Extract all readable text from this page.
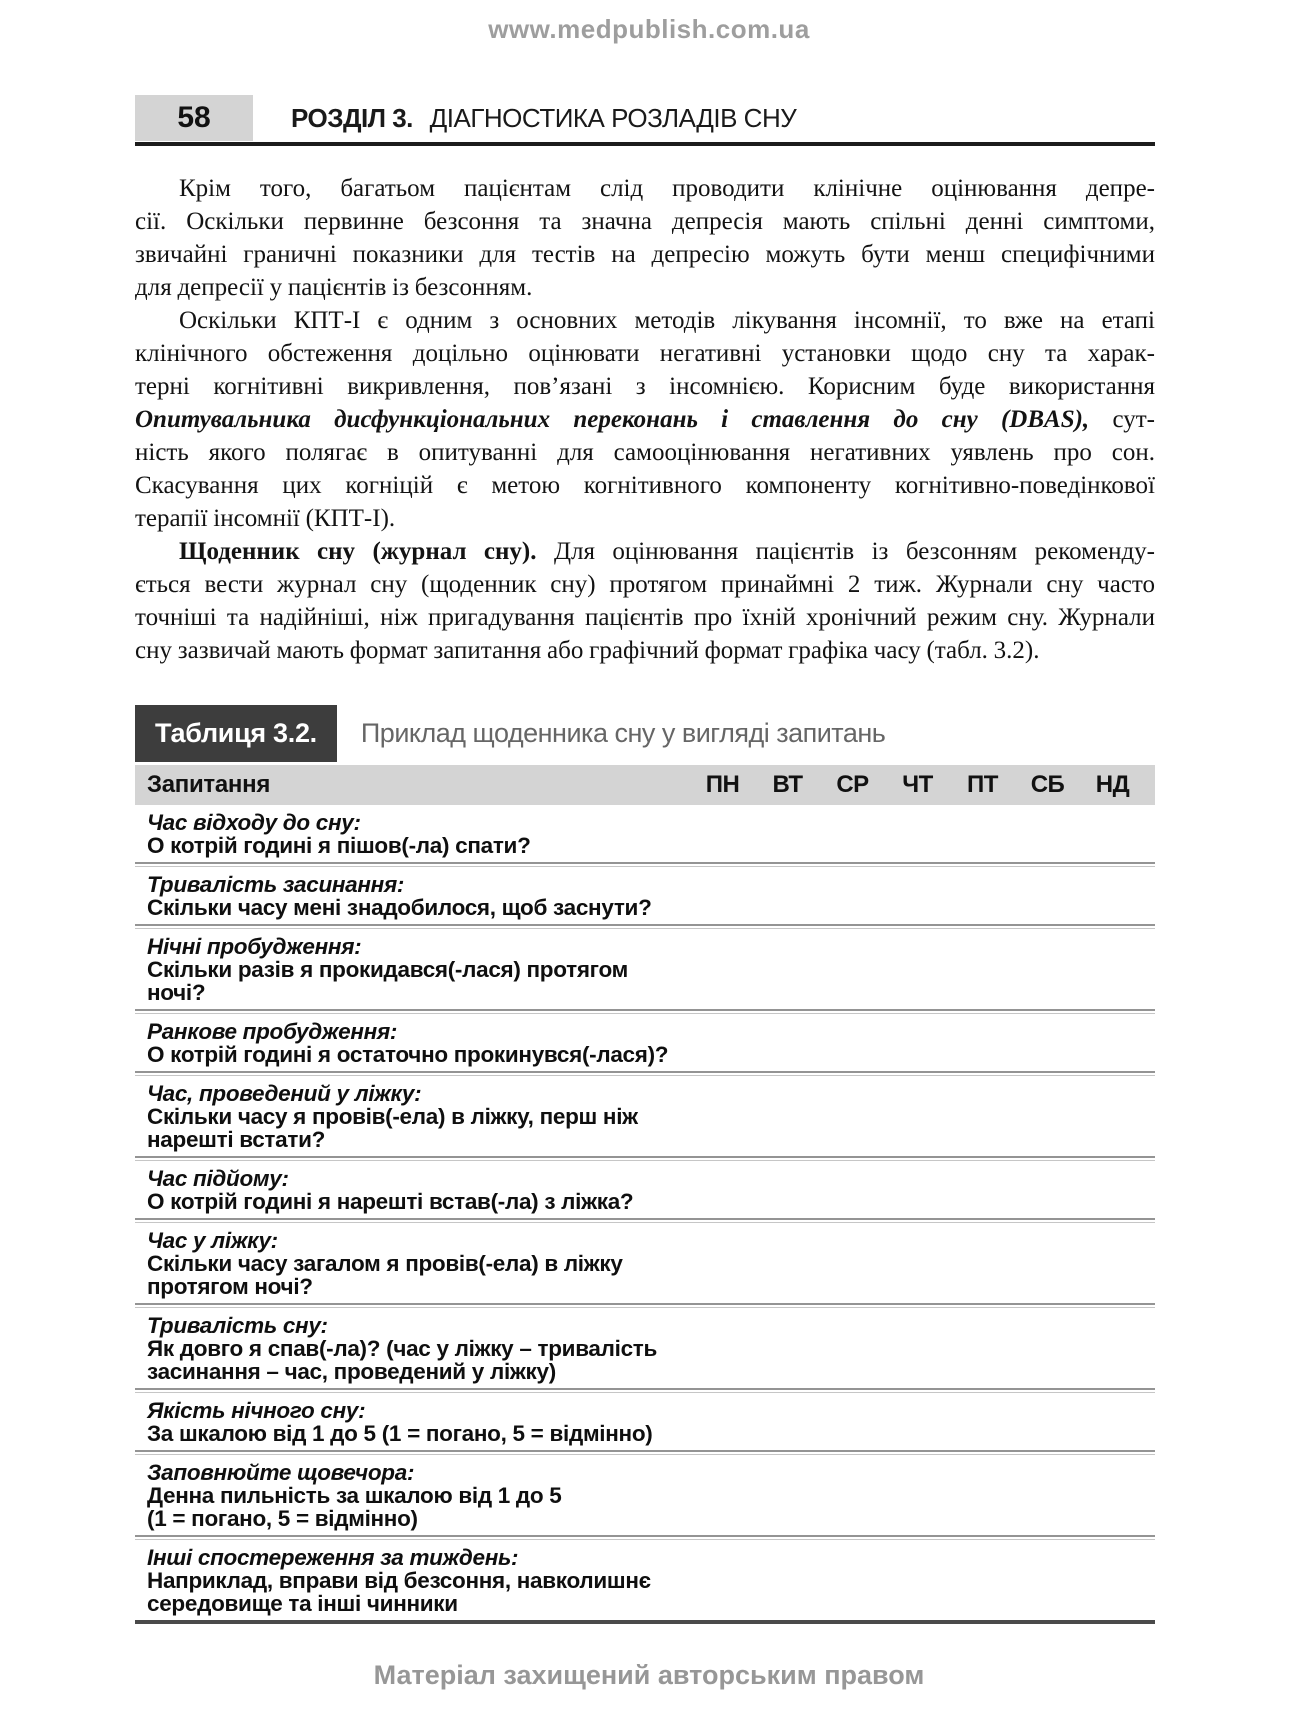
www.medpublish.com.ua
58	РОЗДІЛ 3. ДІАГНОСТИКА РОЗЛАДІВ СНУ
Крім того, багатьом пацієнтам слід проводити клінічне оцінювання депре-
сії. Оскільки первинне безсоння та значна депресія мають спільні денні симптоми,
звичайні граничні показники для тестів на депресію можуть бути менш специфічними
для депресії у пацієнтів із безсонням.
Оскільки КПТ-І є одним з основних методів лікування інсомнії, то вже на етапі
клінічного обстеження доцільно оцінювати негативні установки щодо сну та харак-
терні когнітивні викривлення, пов’язані з інсомнією. Корисним буде використання
Опитувальника дисфункціональних переконань і ставлення до сну (DBAS), сут-
ність якого полягає в опитуванні для самооцінювання негативних уявлень про сон.
Скасування цих когніцій є метою когнітивного компоненту когнітивно-поведінкової
терапії інсомнії (КПТ-І).
Щоденник сну (журнал сну). Для оцінювання пацієнтів із безсонням рекоменду-
ється вести журнал сну (щоденник сну) протягом принаймні 2 тиж. Журнали сну часто
точніші та надійніші, ніж пригадування пацієнтів про їхній хронічний режим сну. Журнали
сну зазвичай мають формат запитання або графічний формат графіка часу (табл. 3.2).
Таблиця 3.2.	Приклад щоденника сну у вигляді запитань
Запитання	ПН	ВТ	СР	ЧТ	ПТ	СБ	НД
Час відходу до сну:
О котрій годині я пішов(-ла) спати?
Тривалість засинання:
Скільки часу мені знадобилося, щоб заснути?
Нічні пробудження:
Скільки разів я прокидався(-лася) протягом
ночі?
Ранкове пробудження:
О котрій годині я остаточно прокинувся(-лася)?
Час, проведений у ліжку:
Скільки часу я провів(-ела) в ліжку, перш ніж
нарешті встати?
Час підйому:
О котрій годині я нарешті встав(-ла) з ліжка?
Час у ліжку:
Скільки часу загалом я провів(-ела) в ліжку
протягом ночі?
Тривалість сну:
Як довго я спав(-ла)? (час у ліжку – тривалість
засинання – час, проведений у ліжку)
Якість нічного сну:
За шкалою від 1 до 5 (1 = погано, 5 = відмінно)
Заповнюйте щовечора:
Денна пильність за шкалою від 1 до 5
(1 = погано, 5 = відмінно)
Інші спостереження за тиждень:
Наприклад, вправи від безсоння, навколишнє
середовище та інші чинники
Матеріал захищений авторським правом
